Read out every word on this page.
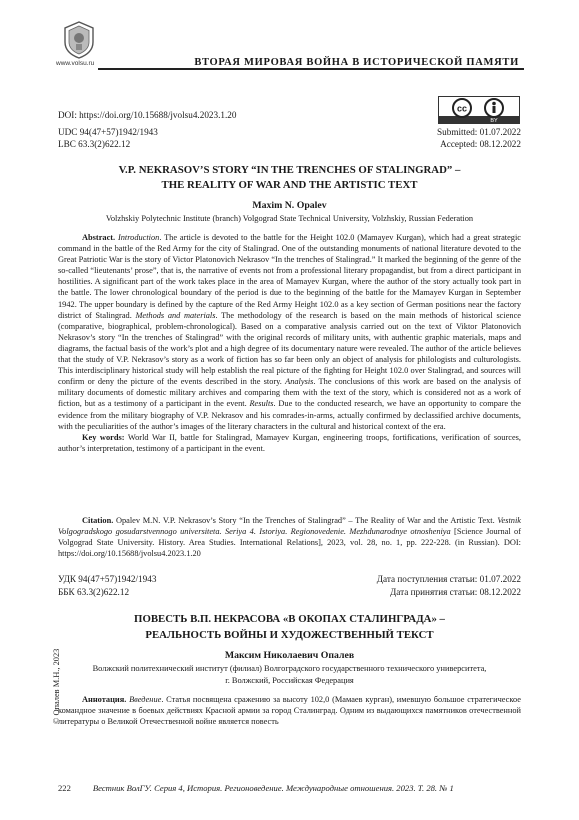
www.volsu.ru	ВТОРАЯ МИРОВАЯ ВОЙНА В ИСТОРИЧЕСКОЙ ПАМЯТИ
DOI: https://doi.org/10.15688/jvolsu4.2023.1.20
cc
BY
UDC 94(47+57)1942/1943
LBC 63.3(2)622.12
Submitted: 01.07.2022
Accepted: 08.12.2022
V.P. NEKRASOV’S STORY “IN THE TRENCHES OF STALINGRAD” –
THE REALITY OF WAR AND THE ARTISTIC TEXT
Maxim N. Opalev
Volzhskiy Polytechnic Institute (branch) Volgograd State Technical University, Volzhskiy, Russian Federation

Abstract. Introduction. The article is devoted to the battle for the Height 102.0 (Mamayev Kurgan), which had a great strategic command in the battle of the Red Army for the city of Stalingrad. One of the outstanding monuments of national literature devoted to the Great Patriotic War is the story of Victor Platonovich Nekrasov “In the trenches of Stalingrad.” It marked the beginning of the genre of the so-called “lieutenants’ prose”, that is, the narrative of events not from a professional literary propagandist, but from a direct participant in hostilities. A significant part of the work takes place in the area of Mamayev Kurgan, where the author of the story actually took part in the battle. The lower chronological boundary of the period is due to the beginning of the battle for the Mamayev Kurgan in September 1942. The upper boundary is defined by the capture of the Red Army Height 102.0 as a key section of German positions near the factory district of Stalingrad. Methods and materials. The methodology of the research is based on the main methods of historical science (comparative, biographical, problem-chronological). Based on a comparative analysis carried out on the text of Viktor Platonovich Nekrasov’s story “In the trenches of Stalingrad” with the original records of military units, with authentic graphic materials, maps and diagrams, the factual basis of the work’s plot and a high degree of its documentary nature were revealed. The author of the article believes that the study of V.P. Nekrasov’s story as a work of fiction has so far been only an object of analysis for philologists and culturologists. This interdisciplinary historical study will help establish the real picture of the fighting for Height 102.0 over Stalingrad, and sources will confirm or deny the picture of the events described in the story. Analysis. The conclusions of this work are based on the analysis of military documents of domestic military archives and comparing them with the text of the story, which is considered not as a work of fiction, but as a testimony of a participant in the event. Results. Due to the conducted research, we have an opportunity to compare the evidence from the military biography of V.P. Nekrasov and his comrades-in-arms, actually confirmed by declassified archive documents, with the peculiarities of the author’s images of the literary characters in the cultural and historical context of the era.

Key words: World War II, battle for Stalingrad, Mamayev Kurgan, engineering troops, fortifications, verification of sources, author’s interpretation, testimony of a participant in the event.

Citation. Opalev M.N. V.P. Nekrasov’s Story “In the Trenches of Stalingrad” – The Reality of War and the Artistic Text. Vestnik Volgogradskogo gosudarstvennogo universiteta. Seriya 4. Istoriya. Regionovedenie. Mezhdunarodnye otnosheniya [Science Journal of Volgograd State University. History. Area Studies. International Relations], 2023, vol. 28, no. 1, pp. 222-228. (in Russian). DOI: https://doi.org/10.15688/jvolsu4.2023.1.20

УДК 94(47+57)1942/1943
ББК 63.3(2)622.12
Дата поступления статьи: 01.07.2022
Дата принятия статьи: 08.12.2022
ПОВЕСТЬ В.П. НЕКРАСОВА «В ОКОПАХ СТАЛИНГРАДА» –
РЕАЛЬНОСТЬ ВОЙНЫ И ХУДОЖЕСТВЕННЫЙ ТЕКСТ
Максим Николаевич Опалев
Волжский политехнический институт (филиал) Волгоградского государственного технического университета,
г. Волжский, Российская Федерация

Аннотация. Введение. Статья посвящена сражению за высоту 102,0 (Мамаев курган), имевшую большое стратегическое командное значение в боевых действиях Красной армии за город Сталинград. Одним из выдающихся памятников отечественной литературы о Великой Отечественной войне является повесть

© Опалев М.Н., 2023
222	Вестник ВолГУ. Серия 4, История. Регионоведение. Международные отношения. 2023. Т. 28. № 1
